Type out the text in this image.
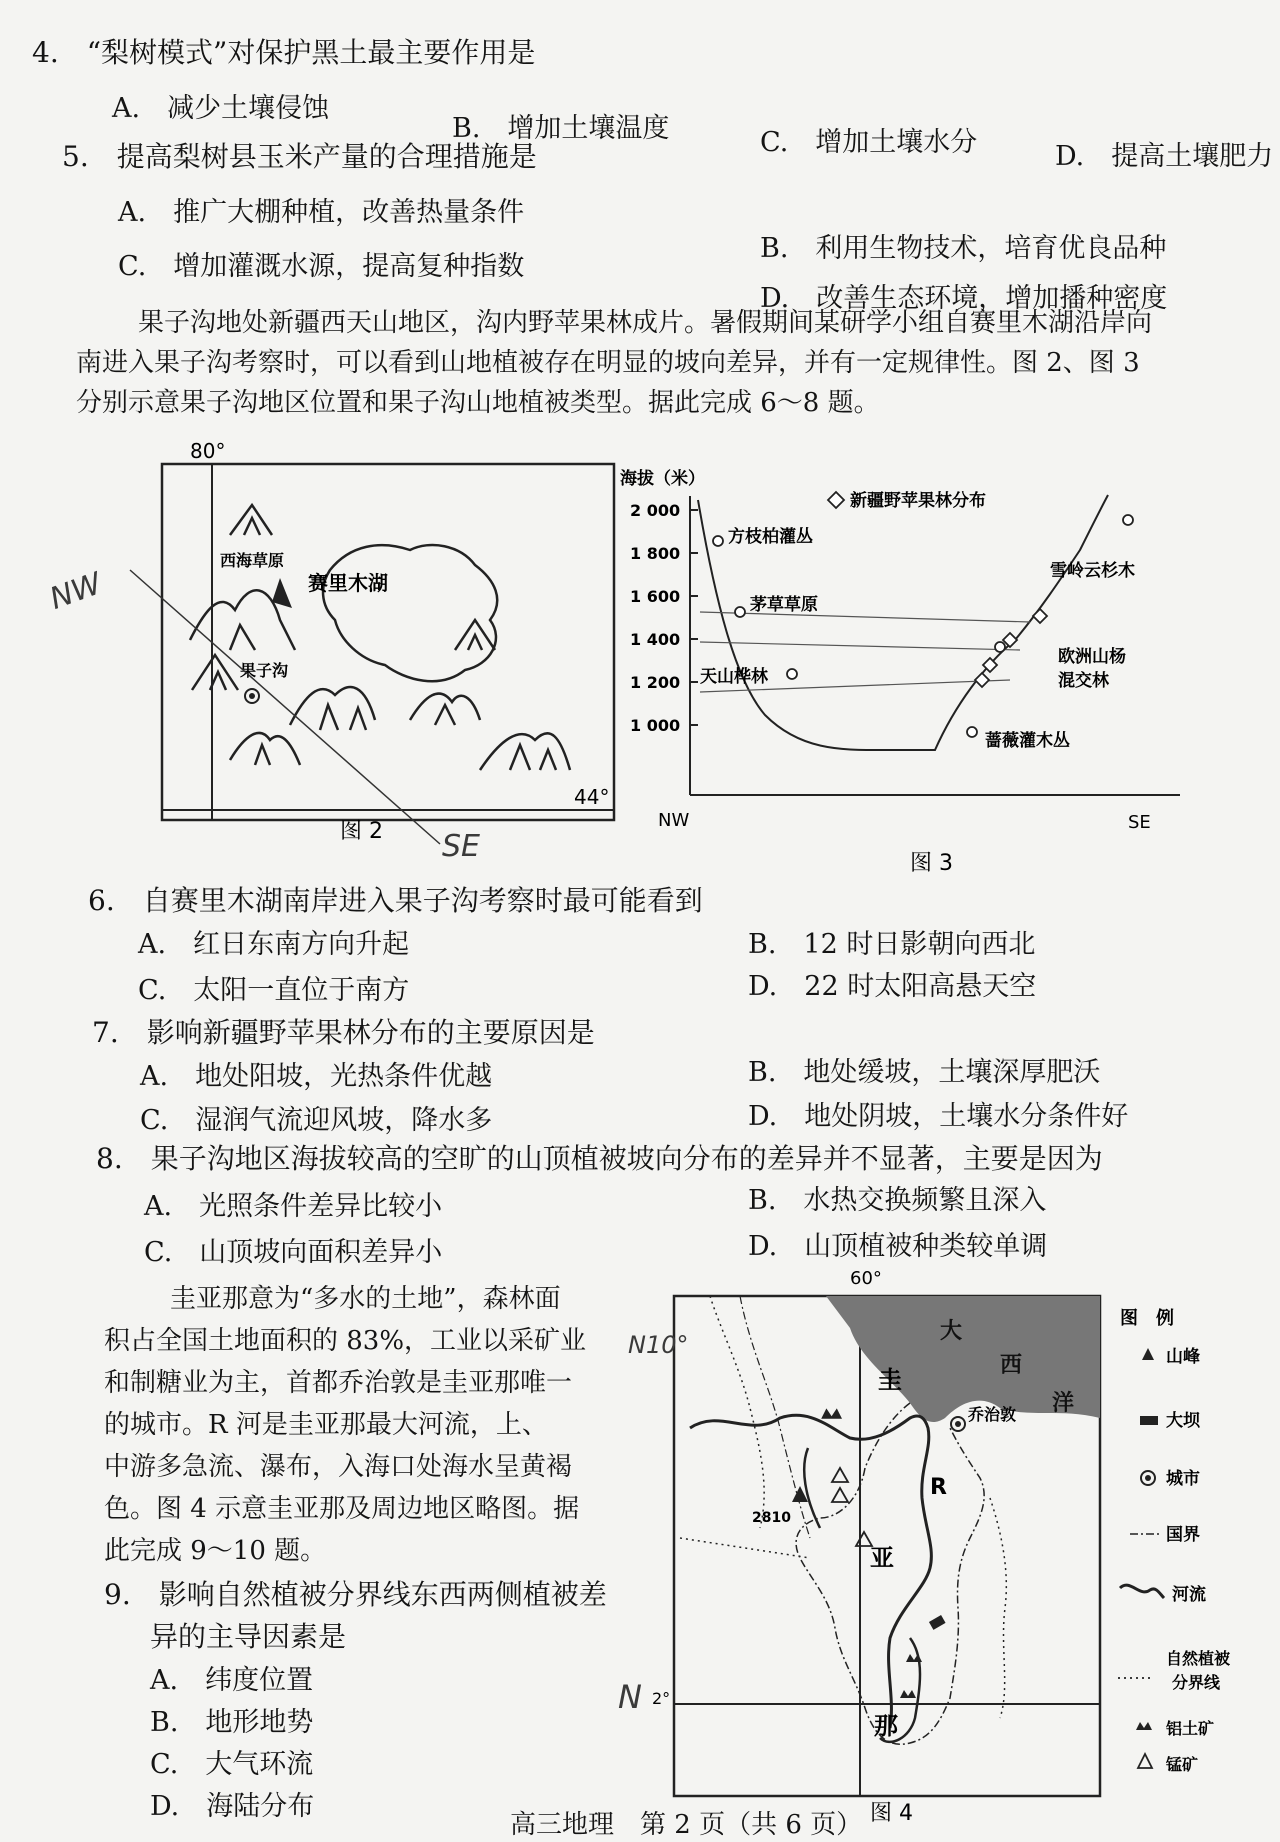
4.　“梨树模式”对保护黑土最主要作用是
A.　减少土壤侵蚀
B.　增加土壤温度	C.　增加土壤水分	D.　提高土壤肥力
5.　提高梨树县玉米产量的合理措施是
A.　推广大棚种植，改善热量条件
B.　利用生物技术，培育优良品种
C.　增加灌溉水源，提高复种指数
D.　改善生态环境，增加播种密度
果子沟地处新疆西天山地区，沟内野苹果林成片。暑假期间某研学小组自赛里木湖沿岸向
南进入果子沟考察时，可以看到山地植被存在明显的坡向差异，并有一定规律性。图 2、图 3
分别示意果子沟地区位置和果子沟山地植被类型。据此完成 6～8 题。
80°
44°
赛里木湖
西海草原
果子沟
图 2
NW
SE
海拔（米）
2 000
1 800
1 600
1 400
1 200
1 000
NW	SE
新疆野苹果林分布
方枝柏灌丛
茅草草原
天山桦林
雪岭云杉木
欧洲山杨
混交林
蔷薇灌木丛
图 3
6.　自赛里木湖南岸进入果子沟考察时最可能看到
A.　红日东南方向升起	B.　12 时日影朝向西北
C.　太阳一直位于南方	D.　22 时太阳高悬天空
7.　影响新疆野苹果林分布的主要原因是
A.　地处阳坡，光热条件优越	B.　地处缓坡，土壤深厚肥沃
C.　湿润气流迎风坡，降水多	D.　地处阴坡，土壤水分条件好
8.　果子沟地区海拔较高的空旷的山顶植被坡向分布的差异并不显著，主要是因为
A.　光照条件差异比较小	B.　水热交换频繁且深入
C.　山顶坡向面积差异小	D.　山顶植被种类较单调
圭亚那意为“多水的土地”，森林面
积占全国土地面积的 83%，工业以采矿业
和制糖业为主，首都乔治敦是圭亚那唯一
的城市。R 河是圭亚那最大河流，上、
中游多急流、瀑布，入海口处海水呈黄褐
色。图 4 示意圭亚那及周边地区略图。据
此完成 9～10 题。
9.　影响自然植被分界线东西两侧植被差
异的主导因素是
A.　纬度位置
B.　地形地势
C.　大气环流
D.　海陆分布
60°
大
西
洋
R
圭
亚
那
乔治敦
2810
图　例
山峰
大坝
城市
国界
河流
自然植被
分界线
铝土矿
锰矿
2°
图 4
N10°
N
高三地理　第 2 页（共 6 页）
